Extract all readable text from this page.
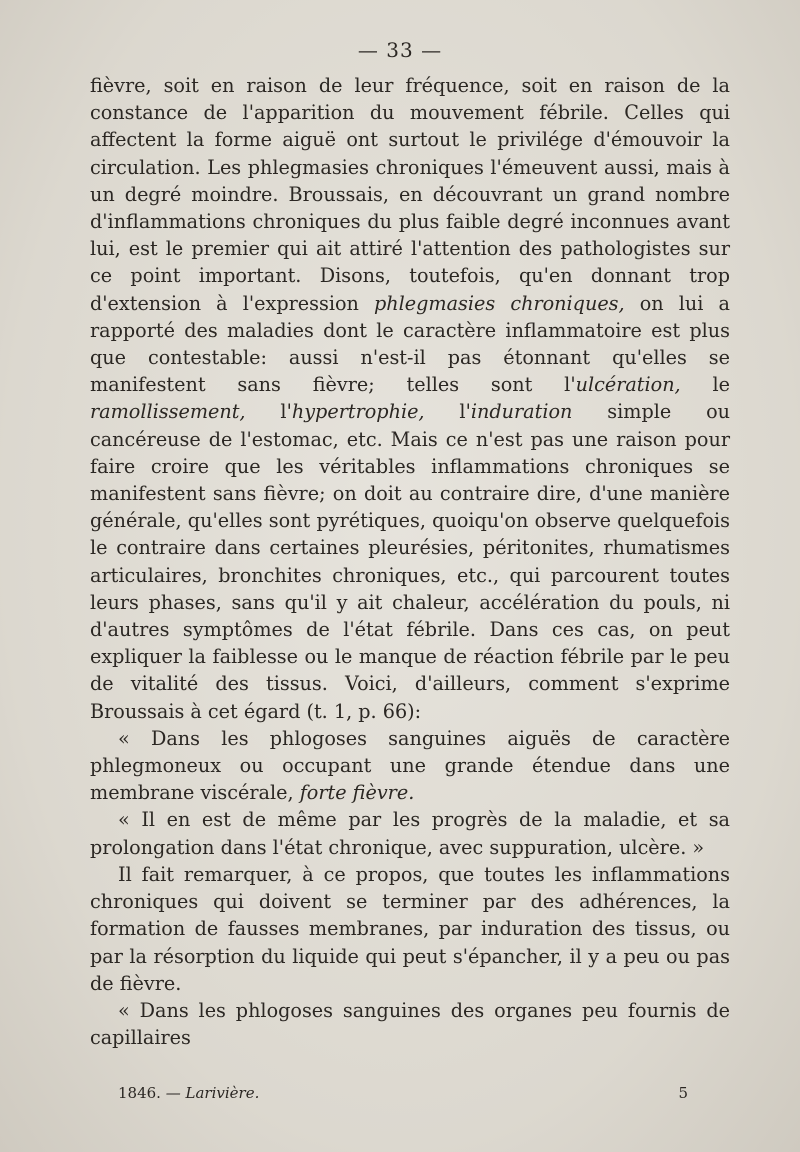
— 33 —

fièvre, soit en raison de leur fréquence, soit en raison de la constance de l'apparition du mouvement fébrile. Celles qui affectent la forme aiguë ont surtout le privilége d'émouvoir la circulation. Les phlegmasies chroniques l'émeuvent aussi, mais à un degré moindre. Broussais, en découvrant un grand nombre d'inflammations chroniques du plus faible degré inconnues avant lui, est le premier qui ait attiré l'attention des pathologistes sur ce point important. Disons, toutefois, qu'en donnant trop d'extension à l'expression phlegmasies chroniques, on lui a rapporté des maladies dont le caractère inflammatoire est plus que contestable: aussi n'est-il pas étonnant qu'elles se manifestent sans fièvre; telles sont l'ulcération, le ramollissement, l'hypertrophie, l'induration simple ou cancéreuse de l'estomac, etc. Mais ce n'est pas une raison pour faire croire que les véritables inflammations chroniques se manifestent sans fièvre; on doit au contraire dire, d'une manière générale, qu'elles sont pyrétiques, quoiqu'on observe quelquefois le contraire dans certaines pleurésies, péritonites, rhumatismes articulaires, bronchites chroniques, etc., qui parcourent toutes leurs phases, sans qu'il y ait chaleur, accélération du pouls, ni d'autres symptômes de l'état fébrile. Dans ces cas, on peut expliquer la faiblesse ou le manque de réaction fébrile par le peu de vitalité des tissus. Voici, d'ailleurs, comment s'exprime Broussais à cet égard (t. 1, p. 66):

« Dans les phlogoses sanguines aiguës de caractère phlegmoneux ou occupant une grande étendue dans une membrane viscérale, forte fièvre.

« Il en est de même par les progrès de la maladie, et sa prolongation dans l'état chronique, avec suppuration, ulcère. »

Il fait remarquer, à ce propos, que toutes les inflammations chroniques qui doivent se terminer par des adhérences, la formation de fausses membranes, par induration des tissus, ou par la résorption du liquide qui peut s'épancher, il y a peu ou pas de fièvre.

« Dans les phlogoses sanguines des organes peu fournis de capillaires

1846. — Larivière.	5
